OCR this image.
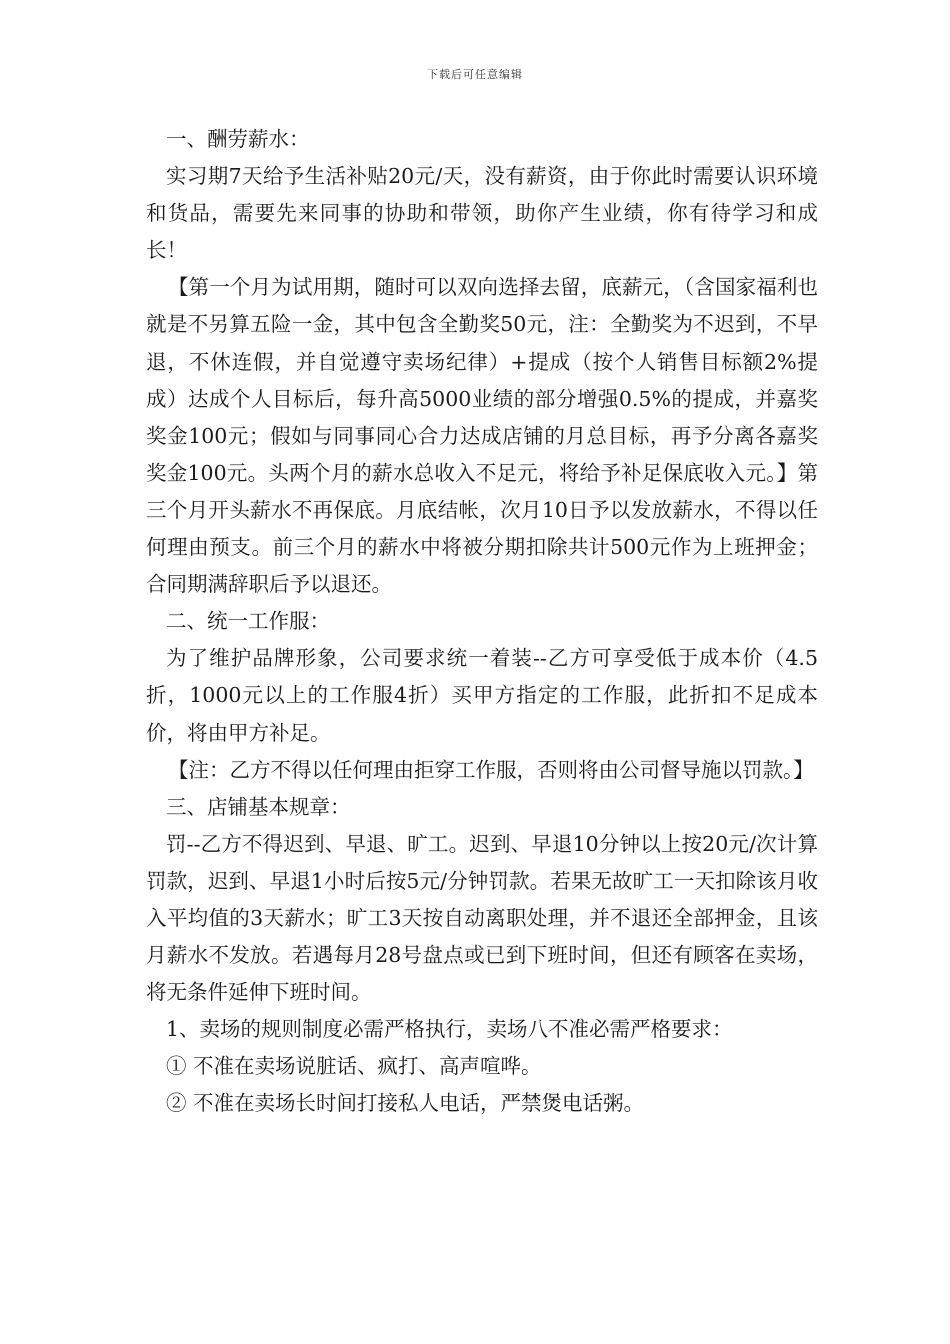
下载后可任意编辑

一、酬劳薪水：

实习期7天给予生活补贴20元/天，没有薪资，由于你此时需要认识环境和货品，需要先来同事的协助和带领，助你产生业绩，你有待学习和成长！

【第一个月为试用期，随时可以双向选择去留，底薪元，（含国家福利也就是不另算五险一金，其中包含全勤奖50元，注：全勤奖为不迟到，不早退，不休连假，并自觉遵守卖场纪律）+提成（按个人销售目标额2%提成）达成个人目标后，每升高5000业绩的部分增强0.5%的提成，并嘉奖奖金100元；假如与同事同心合力达成店铺的月总目标，再予分离各嘉奖奖金100元。头两个月的薪水总收入不足元，将给予补足保底收入元。】第三个月开头薪水不再保底。月底结帐，次月10日予以发放薪水，不得以任何理由预支。前三个月的薪水中将被分期扣除共计500元作为上班押金；合同期满辞职后予以退还。

二、统一工作服：

为了维护品牌形象，公司要求统一着装--乙方可享受低于成本价（4.5折，1000元以上的工作服4折）买甲方指定的工作服，此折扣不足成本价，将由甲方补足。

【注：乙方不得以任何理由拒穿工作服，否则将由公司督导施以罚款。】

三、店铺基本规章：

罚--乙方不得迟到、早退、旷工。迟到、早退10分钟以上按20元/次计算罚款，迟到、早退1小时后按5元/分钟罚款。若果无故旷工一天扣除该月收入平均值的3天薪水；旷工3天按自动离职处理，并不退还全部押金，且该月薪水不发放。若遇每月28号盘点或已到下班时间，但还有顾客在卖场，将无条件延伸下班时间。

1、卖场的规则制度必需严格执行，卖场八不准必需严格要求：

① 不准在卖场说脏话、疯打、高声喧哗。

② 不准在卖场长时间打接私人电话，严禁煲电话粥。
